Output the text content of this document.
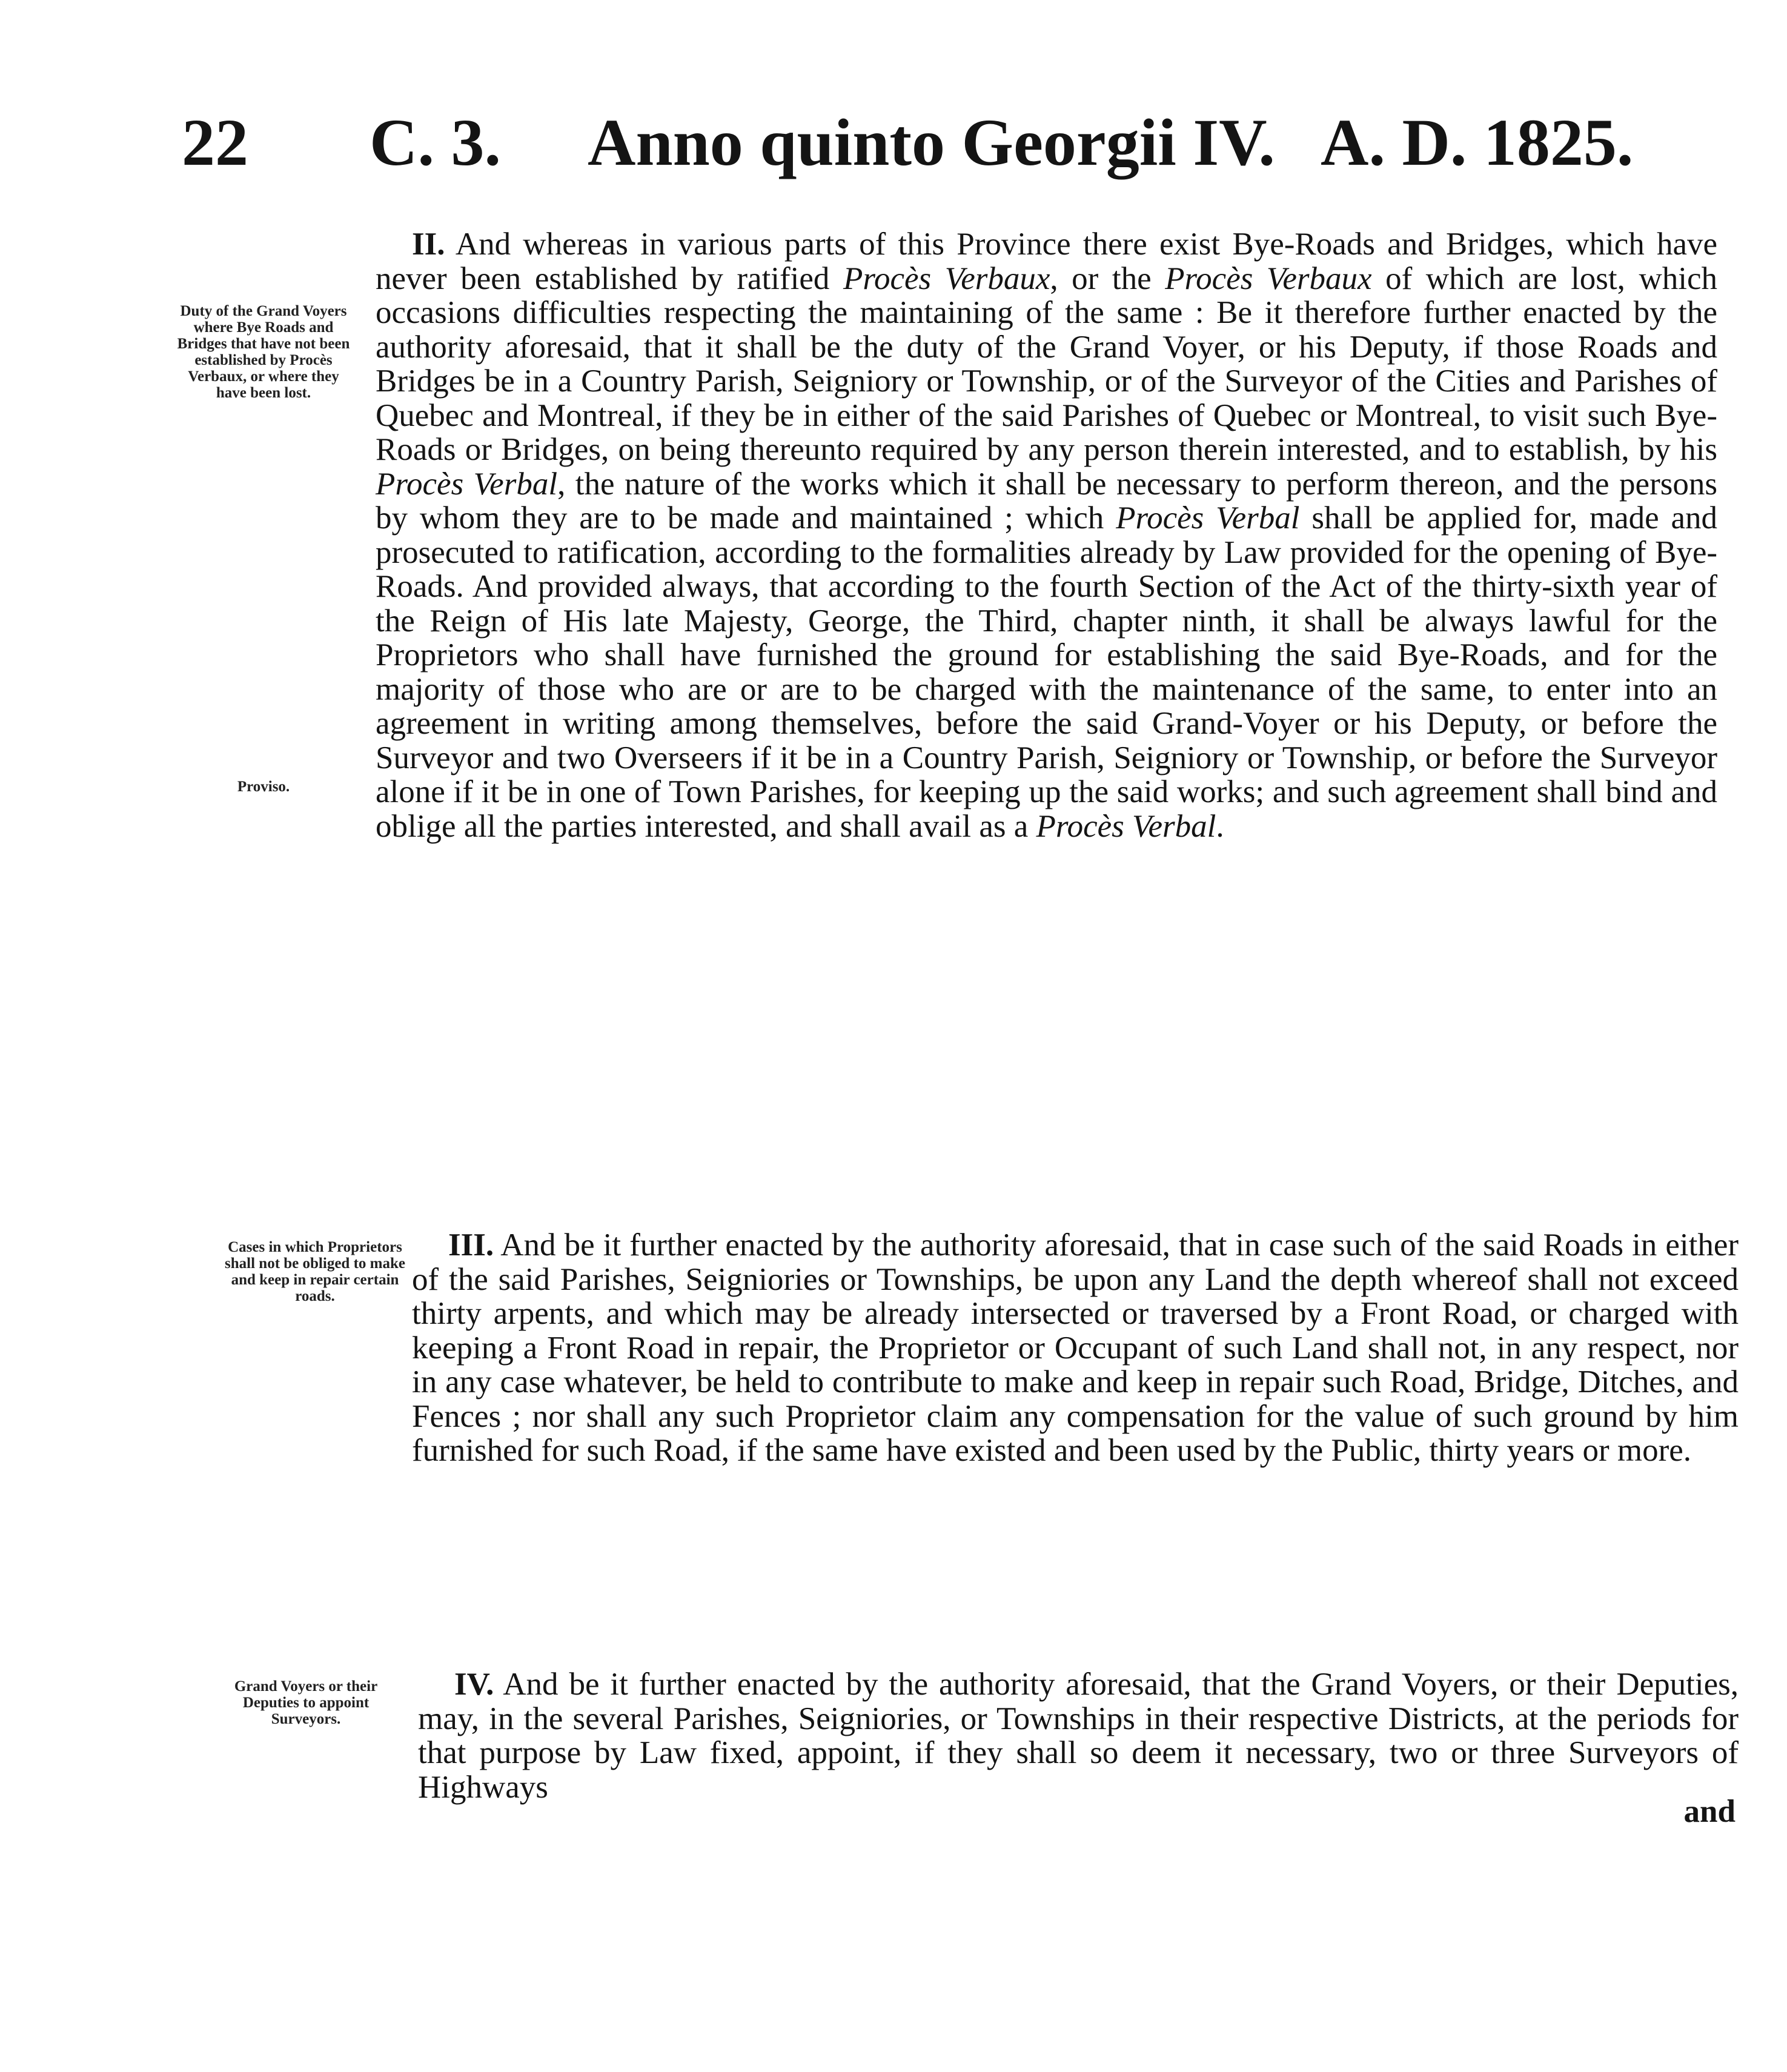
22 C. 3. Anno quinto Georgii IV. A. D. 1825.
Duty of the Grand Voyers where Bye Roads and Bridges that have not been established by Procès Verbaux, or where they have been lost.
Proviso.
Cases in which Proprietors shall not be obliged to make and keep in repair certain roads.
Grand Voyers or their Deputies to appoint Surveyors.

II. And whereas in various parts of this Province there exist Bye-Roads and Bridges, which have never been established by ratified Procès Verbaux, or the Procès Verbaux of which are lost, which occasions difficulties respecting the maintaining of the same : Be it therefore further enacted by the authority aforesaid, that it shall be the duty of the Grand Voyer, or his Deputy, if those Roads and Bridges be in a Country Parish, Seigniory or Township, or of the Surveyor of the Cities and Parishes of Quebec and Montreal, if they be in either of the said Parishes of Quebec or Montreal, to visit such Bye-Roads or Bridges, on being thereunto required by any person therein interested, and to establish, by his Procès Verbal, the nature of the works which it shall be necessary to perform thereon, and the persons by whom they are to be made and maintained ; which Procès Verbal shall be applied for, made and prosecuted to ratification, according to the formalities already by Law provided for the opening of Bye-Roads. And provided always, that according to the fourth Section of the Act of the thirty-sixth year of the Reign of His late Majesty, George, the Third, chapter ninth, it shall be always lawful for the Proprietors who shall have furnished the ground for establishing the said Bye-Roads, and for the majority of those who are or are to be charged with the maintenance of the same, to enter into an agreement in writing among themselves, before the said Grand-Voyer or his Deputy, or before the Surveyor and two Overseers if it be in a Country Parish, Seigniory or Township, or before the Surveyor alone if it be in one of Town Parishes, for keeping up the said works; and such agreement shall bind and oblige all the parties interested, and shall avail as a Procès Verbal.

III. And be it further enacted by the authority aforesaid, that in case such of the said Roads in either of the said Parishes, Seigniories or Townships, be upon any Land the depth whereof shall not exceed thirty arpents, and which may be already intersected or traversed by a Front Road, or charged with keeping a Front Road in repair, the Proprietor or Occupant of such Land shall not, in any respect, nor in any case whatever, be held to contribute to make and keep in repair such Road, Bridge, Ditches, and Fences ; nor shall any such Proprietor claim any compensation for the value of such ground by him furnished for such Road, if the same have existed and been used by the Public, thirty years or more.

IV. And be it further enacted by the authority aforesaid, that the Grand Voyers, or their Deputies, may, in the several Parishes, Seigniories, or Townships in their respective Districts, at the periods for that purpose by Law fixed, appoint, if they shall so deem it necessary, two or three Surveyors of Highways

and
